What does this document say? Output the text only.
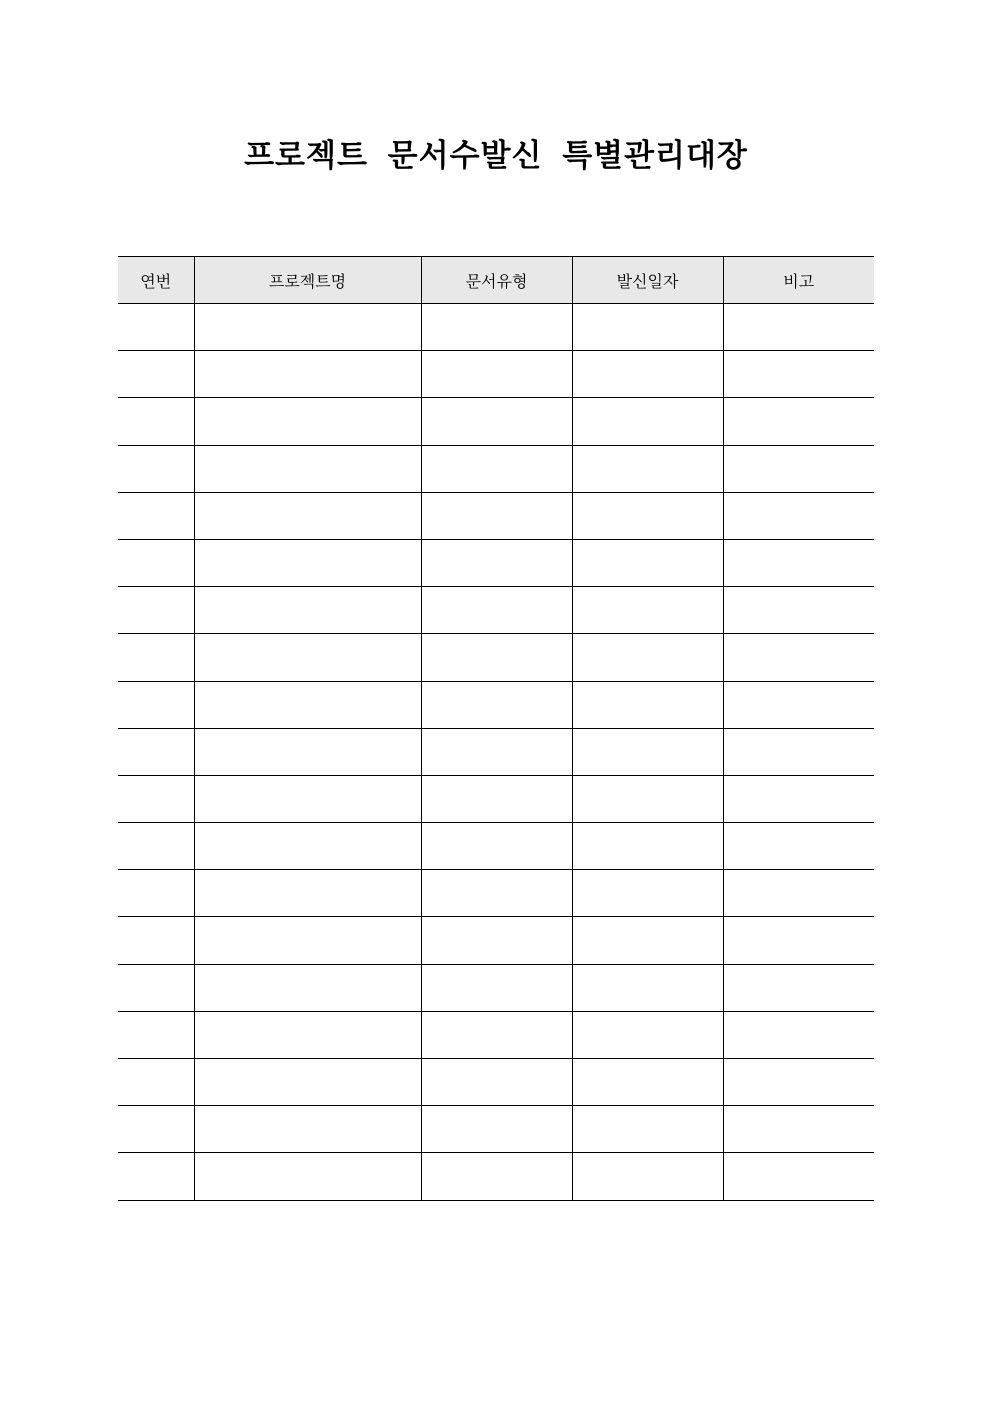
프로젝트 문서수발신 특별관리대장
연번	프로젝트명	문서유형	발신일자	비고
